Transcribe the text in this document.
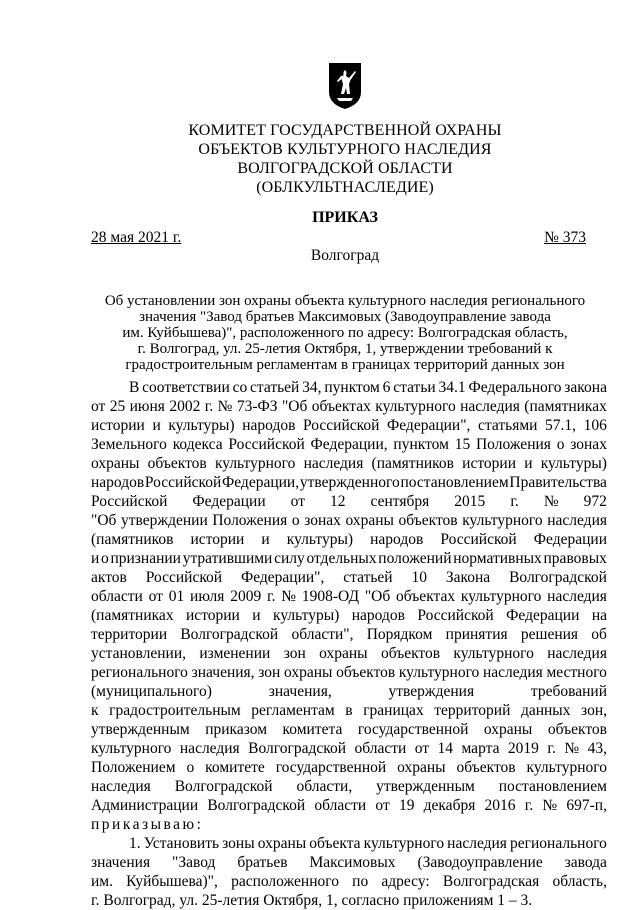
КОМИТЕТ ГОСУДАРСТВЕННОЙ ОХРАНЫ
ОБЪЕКТОВ КУЛЬТУРНОГО НАСЛЕДИЯ
ВОЛГОГРАДСКОЙ ОБЛАСТИ
(ОБЛКУЛЬТНАСЛЕДИЕ)
ПРИКАЗ
28 мая 2021 г.	№ 373
Волгоград
Об установлении зон охраны объекта культурного наследия регионального
значения "Завод братьев Максимовых (Заводоуправление завода
им. Куйбышева)", расположенного по адресу: Волгоградская область,
г. Волгоград, ул. 25-летия Октября, 1, утверждении требований к
градостроительным регламентам в границах территорий данных зон
В соответствии со статьей 34, пунктом 6 статьи 34.1 Федерального закона
от 25 июня 2002 г. № 73-ФЗ "Об объектах культурного наследия (памятниках
истории и культуры) народов Российской Федерации", статьями 57.1, 106
Земельного кодекса Российской Федерации, пунктом 15 Положения о зонах
охраны объектов культурного наследия (памятников истории и культуры)
народов Российской Федерации, утвержденного постановлением Правительства
Российской Федерации от 12 сентября 2015 г. № 972
"Об утверждении Положения о зонах охраны объектов культурного наследия
(памятников истории и культуры) народов Российской Федерации
и о признании утратившими силу отдельных положений нормативных правовых
актов Российской Федерации", статьей 10 Закона Волгоградской
области от 01 июля 2009 г. № 1908-ОД "Об объектах культурного наследия
(памятниках истории и культуры) народов Российской Федерации на
территории Волгоградской области", Порядком принятия решения об
установлении, изменении зон охраны объектов культурного наследия
регионального значения, зон охраны объектов культурного наследия местного
(муниципального)	значения,	утверждения	требований
к градостроительным регламентам в границах территорий данных зон,
утвержденным приказом комитета государственной охраны объектов
культурного наследия Волгоградской области от 14 марта 2019 г. № 43,
Положением о комитете государственной охраны объектов культурного
наследия Волгоградской области, утвержденным постановлением
Администрации Волгоградской области от 19 декабря 2016 г. № 697-п,
приказываю:
1. Установить зоны охраны объекта культурного наследия регионального
значения "Завод братьев Максимовых (Заводоуправление завода
им. Куйбышева)", расположенного по адресу: Волгоградская область,
г. Волгоград, ул. 25-летия Октября, 1, согласно приложениям 1 – 3.
